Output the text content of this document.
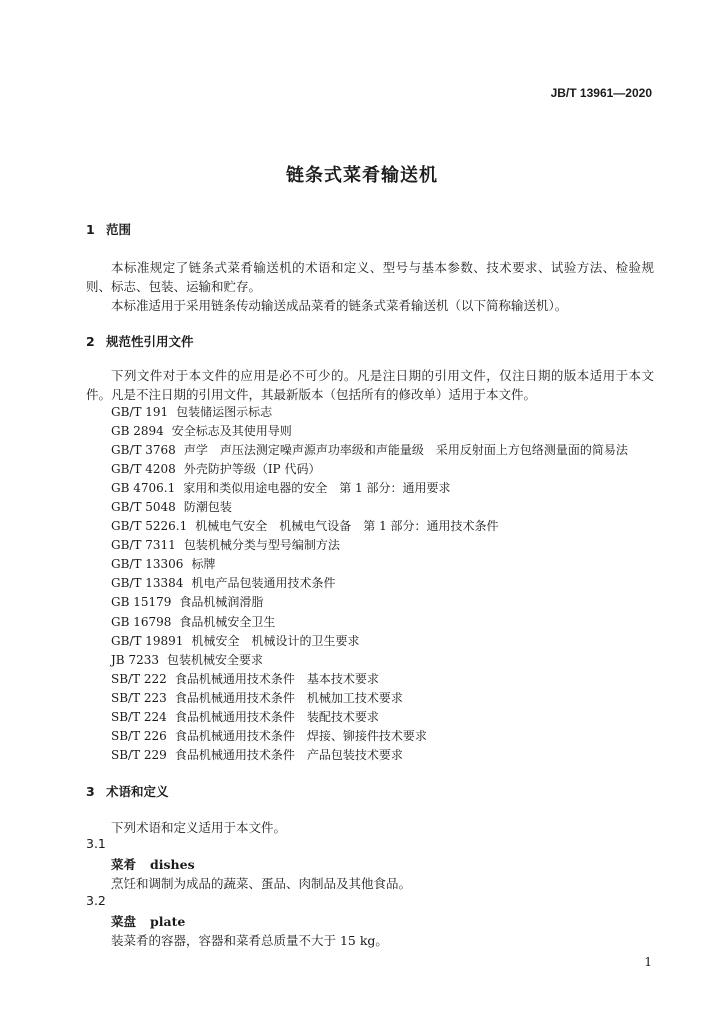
JB/T 13961—2020
链条式菜肴输送机
1 范围
本标准规定了链条式菜肴输送机的术语和定义、型号与基本参数、技术要求、试验方法、检验规则、标志、包装、运输和贮存。
本标准适用于采用链条传动输送成品菜肴的链条式菜肴输送机（以下简称输送机）。
2 规范性引用文件
下列文件对于本文件的应用是必不可少的。凡是注日期的引用文件，仅注日期的版本适用于本文件。凡是不注日期的引用文件，其最新版本（包括所有的修改单）适用于本文件。
GB/T 191 包装储运图示标志
GB 2894 安全标志及其使用导则
GB/T 3768 声学　声压法测定噪声源声功率级和声能量级　采用反射面上方包络测量面的简易法
GB/T 4208 外壳防护等级（IP 代码）
GB 4706.1 家用和类似用途电器的安全　第 1 部分：通用要求
GB/T 5048 防潮包装
GB/T 5226.1 机械电气安全　机械电气设备　第 1 部分：通用技术条件
GB/T 7311 包装机械分类与型号编制方法
GB/T 13306 标牌
GB/T 13384 机电产品包装通用技术条件
GB 15179 食品机械润滑脂
GB 16798 食品机械安全卫生
GB/T 19891 机械安全　机械设计的卫生要求
JB 7233 包装机械安全要求
SB/T 222 食品机械通用技术条件　基本技术要求
SB/T 223 食品机械通用技术条件　机械加工技术要求
SB/T 224 食品机械通用技术条件　装配技术要求
SB/T 226 食品机械通用技术条件　焊接、铆接件技术要求
SB/T 229 食品机械通用技术条件　产品包装技术要求
3 术语和定义
下列术语和定义适用于本文件。
3.1
菜肴 dishes
烹饪和调制为成品的蔬菜、蛋品、肉制品及其他食品。
3.2
菜盘 plate
装菜肴的容器，容器和菜肴总质量不大于 15 kg。
1
